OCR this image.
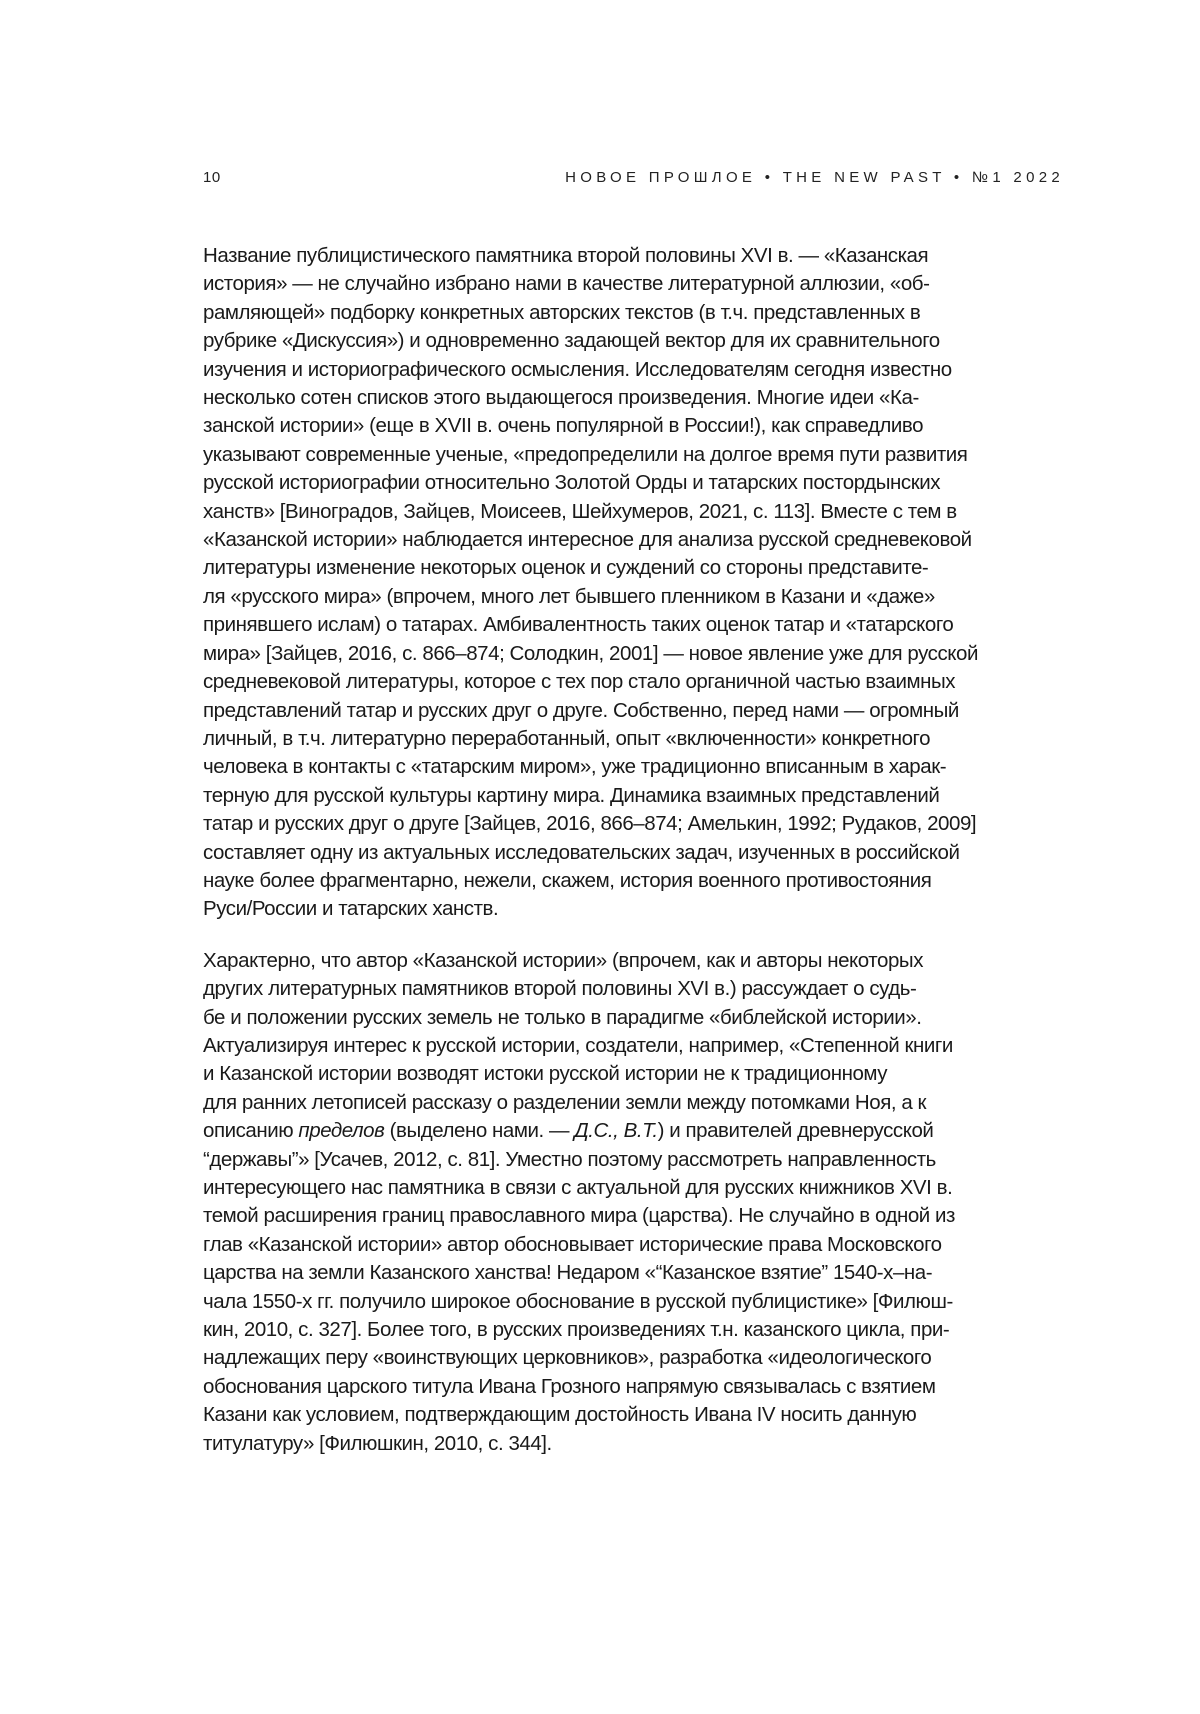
10	НОВОЕ ПРОШЛОЕ • THE NEW PAST • №1 2022

Название публицистического памятника второй половины XVI в. — «Казанская
история» — не случайно избрано нами в качестве литературной аллюзии, «об-
рамляющей» подборку конкретных авторских текстов (в т.ч. представленных в
рубрике «Дискуссия») и одновременно задающей вектор для их сравнительного
изучения и историографического осмысления. Исследователям сегодня известно
несколько сотен списков этого выдающегося произведения. Многие идеи «Ка-
занской истории» (еще в XVII в. очень популярной в России!), как справедливо
указывают современные ученые, «предопределили на долгое время пути развития
русской историографии относительно Золотой Орды и татарских постордынских
ханств» [Виноградов, Зайцев, Моисеев, Шейхумеров, 2021, с. 113]. Вместе с тем в
«Казанской истории» наблюдается интересное для анализа русской средневековой
литературы изменение некоторых оценок и суждений со стороны представите-
ля «русского мира» (впрочем, много лет бывшего пленником в Казани и «даже»
принявшего ислам) о татарах. Амбивалентность таких оценок татар и «татарского
мира» [Зайцев, 2016, с. 866–874; Солодкин, 2001] — новое явление уже для русской
средневековой литературы, которое с тех пор стало органичной частью взаимных
представлений татар и русских друг о друге. Собственно, перед нами — огромный
личный, в т.ч. литературно переработанный, опыт «включенности» конкретного
человека в контакты с «татарским миром», уже традиционно вписанным в харак-
терную для русской культуры картину мира. Динамика взаимных представлений
татар и русских друг о друге [Зайцев, 2016, 866–874; Амелькин, 1992; Рудаков, 2009]
составляет одну из актуальных исследовательских задач, изученных в российской
науке более фрагментарно, нежели, скажем, история военного противостояния
Руси/России и татарских ханств.

Характерно, что автор «Казанской истории» (впрочем, как и авторы некоторых
других литературных памятников второй половины XVI в.) рассуждает о судь-
бе и положении русских земель не только в парадигме «библейской истории».
Актуализируя интерес к русской истории, создатели, например, «Степенной книги
и Казанской истории возводят истоки русской истории не к традиционному
для ранних летописей рассказу о разделении земли между потомками Ноя, а к
описанию пределов (выделено нами. — Д.С., В.Т.) и правителей древнерусской
“державы”» [Усачев, 2012, с. 81]. Уместно поэтому рассмотреть направленность
интересующего нас памятника в связи с актуальной для русских книжников XVI в.
темой расширения границ православного мира (царства). Не случайно в одной из
глав «Казанской истории» автор обосновывает исторические права Московского
царства на земли Казанского ханства! Недаром «“Казанское взятие” 1540-х–на-
чала 1550-х гг. получило широкое обоснование в русской публицистике» [Филюш-
кин, 2010, с. 327]. Более того, в русских произведениях т.н. казанского цикла, при-
надлежащих перу «воинствующих церковников», разработка «идеологического
обоснования царского титула Ивана Грозного напрямую связывалась с взятием
Казани как условием, подтверждающим достойность Ивана IV носить данную
титулатуру» [Филюшкин, 2010, с. 344].
